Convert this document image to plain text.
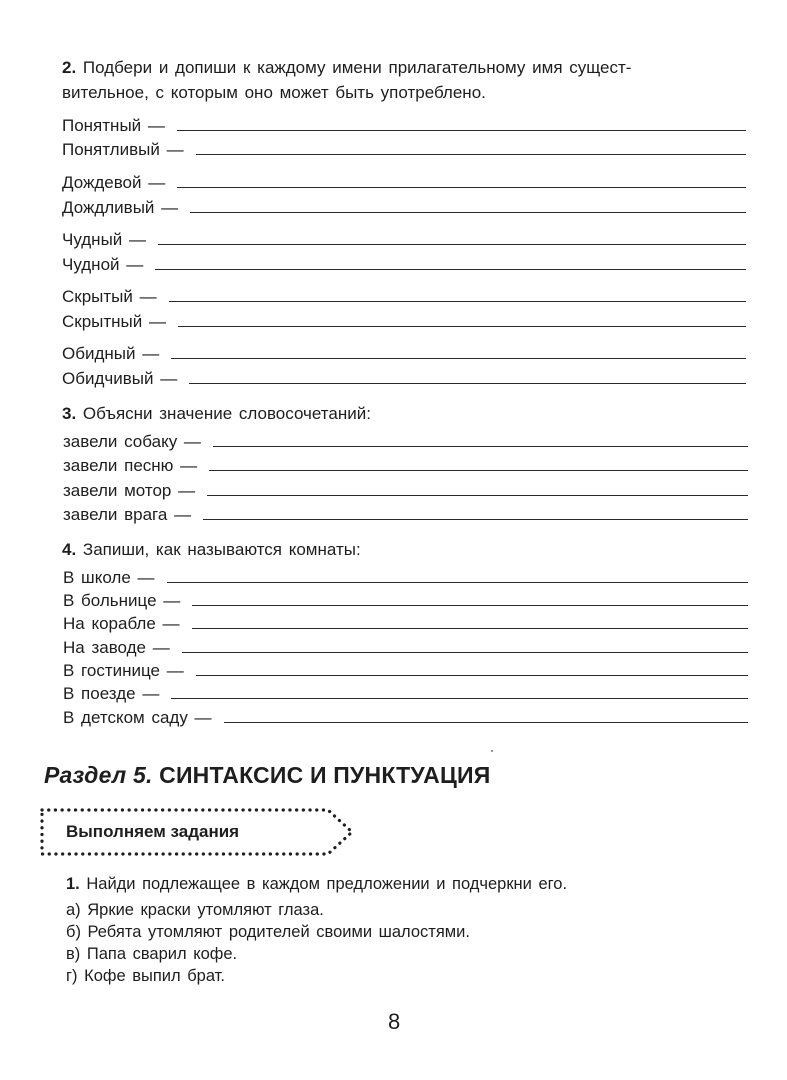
2. Подбери и допиши к каждому имени прилагательному имя сущест-
вительное, с которым оно может быть употреблено.
Понятный —
Понятливый —
Дождевой —
Дождливый —
Чудный —
Чудной —
Скрытый —
Скрытный —
Обидный —
Обидчивый —
3. Объясни значение словосочетаний:
завели собаку —
завели песню —
завели мотор —
завели врага —
4. Запиши, как называются комнаты:
В школе —
В больнице —
На корабле —
На заводе —
В гостинице —
В поезде —
В детском саду —
Раздел 5. СИНТАКСИС И ПУНКТУАЦИЯ
Выполняем задания
1. Найди подлежащее в каждом предложении и подчеркни его.
а) Яркие краски утомляют глаза.
б) Ребята утомляют родителей своими шалостями.
в) Папа сварил кофе.
г) Кофе выпил брат.
8
